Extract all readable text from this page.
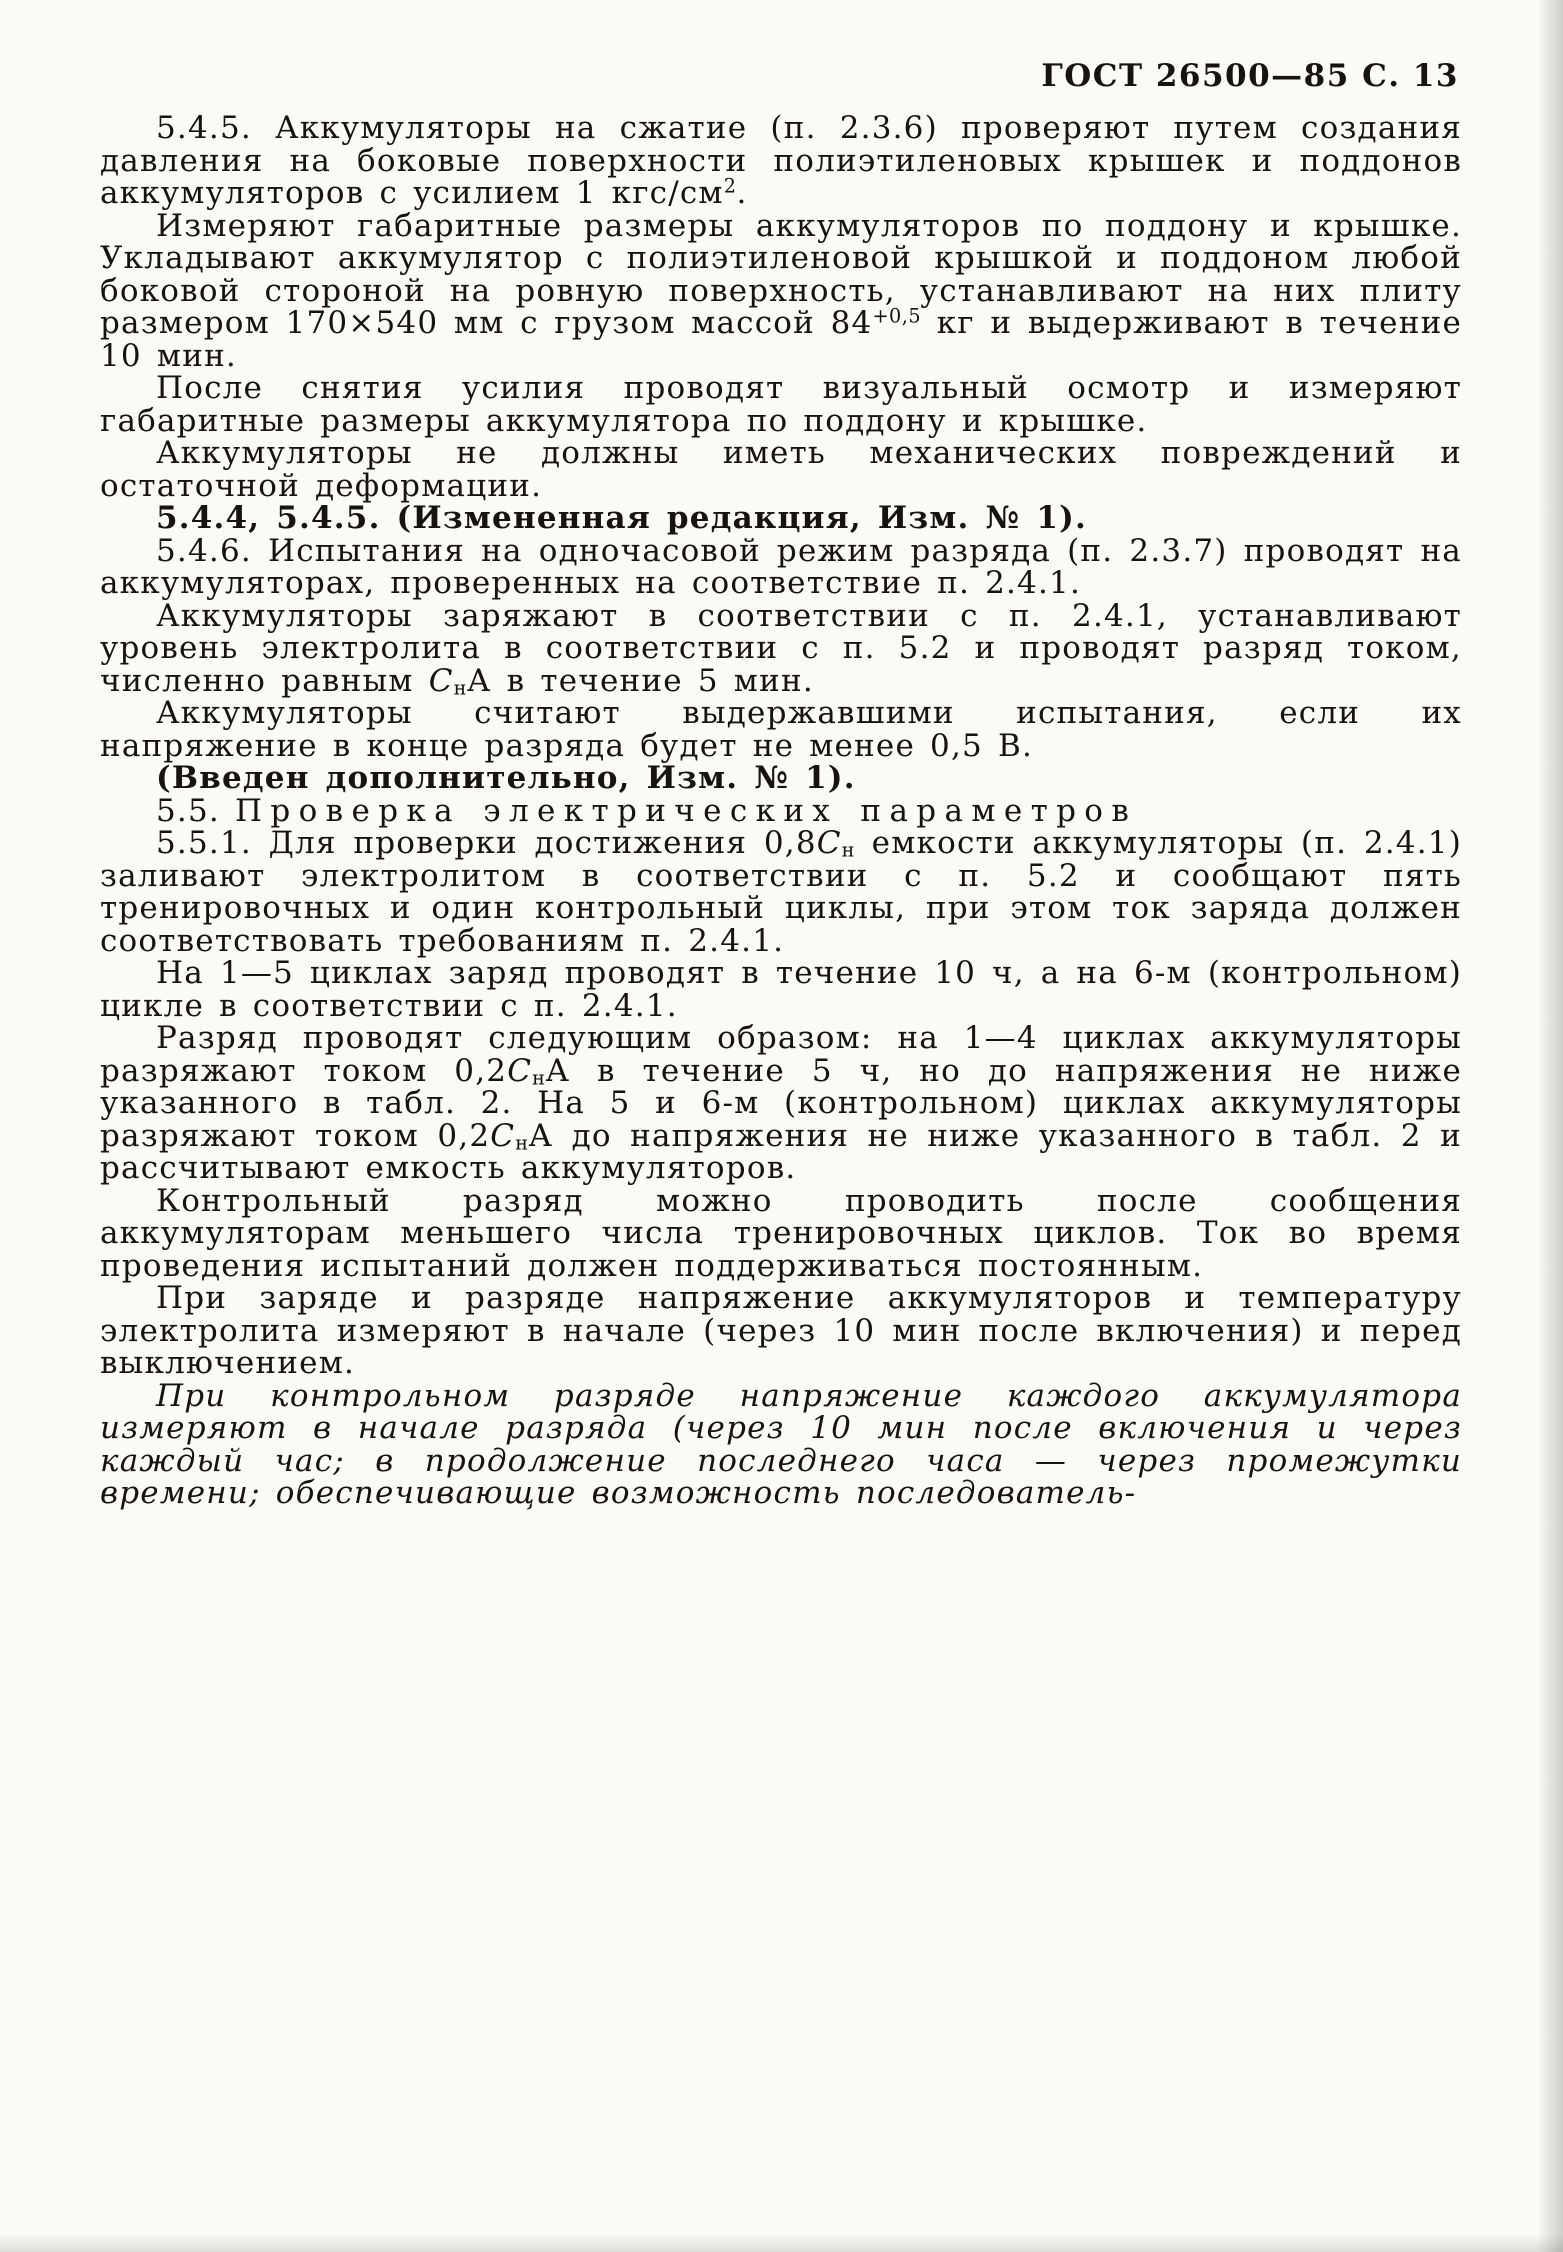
ГОСТ 26500—85 С. 13

5.4.5. Аккумуляторы на сжатие (п. 2.3.6) проверяют путем создания давления на боковые поверхности полиэтиленовых крышек и поддонов аккумуляторов с усилием 1 кгс/$см^2$.

Измеряют габаритные размеры аккумуляторов по поддону и крышке. Укладывают аккумулятор с полиэтиленовой крышкой и поддоном любой боковой стороной на ровную поверхность, устанавливают на них плиту размером 170×540 мм с грузом массой $84^{+0,5}$ кг и выдерживают в течение 10 мин.

После снятия усилия проводят визуальный осмотр и измеряют габаритные размеры аккумулятора по поддону и крышке.

Аккумуляторы не должны иметь механических повреждений и остаточной деформации.

5.4.4, 5.4.5. (Измененная редакция, Изм. № 1).

5.4.6. Испытания на одночасовой режим разряда (п. 2.3.7) проводят на аккумуляторах, проверенных на соответствие п. 2.4.1.

Аккумуляторы заряжают в соответствии с п. 2.4.1, устанавливают уровень электролита в соответствии с п. 5.2 и проводят разряд током, численно равным $С_нА$ в течение 5 мин.

Аккумуляторы считают выдержавшими испытания, если их напряжение в конце разряда будет не менее 0,5 В.

(Введен дополнительно, Изм. № 1).

5.5. Проверка электрических параметров

5.5.1. Для проверки достижения $0,8С_н$ емкости аккумуляторы (п. 2.4.1) заливают электролитом в соответствии с п. 5.2 и сообщают пять тренировочных и один контрольный циклы, при этом ток заряда должен соответствовать требованиям п. 2.4.1.

На 1—5 циклах заряд проводят в течение 10 ч, а на 6-м (контрольном) цикле в соответствии с п. 2.4.1.

Разряд проводят следующим образом: на 1—4 циклах аккумуляторы разряжают током $0,2С_нА$ в течение 5 ч, но до напряжения не ниже указанного в табл. 2. На 5 и 6-м (контрольном) циклах аккумуляторы разряжают током $0,2С_нА$ до напряжения не ниже указанного в табл. 2 и рассчитывают емкость аккумуляторов.

Контрольный разряд можно проводить после сообщения аккумуляторам меньшего числа тренировочных циклов. Ток во время проведения испытаний должен поддерживаться постоянным.

При заряде и разряде напряжение аккумуляторов и температуру электролита измеряют в начале (через 10 мин после включения) и перед выключением.

При контрольном разряде напряжение каждого аккумулятора измеряют в начале разряда (через 10 мин после включения и через каждый час; в продолжение последнего часа — через промежутки времени; обеспечивающие возможность последователь-
